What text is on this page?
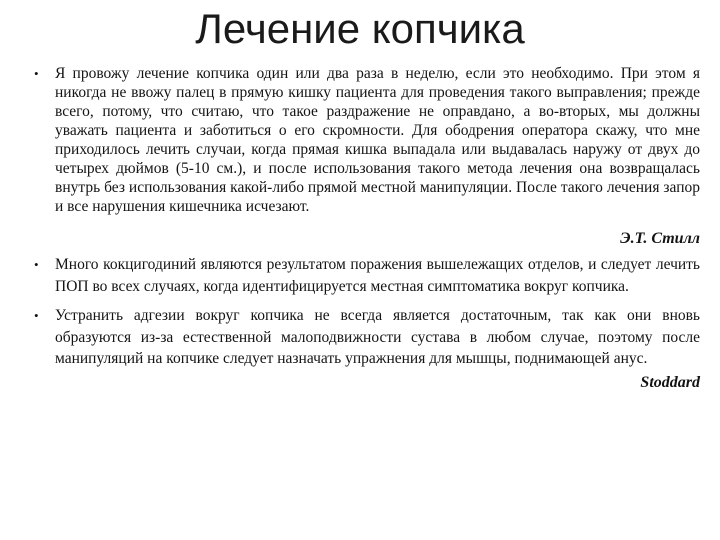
Лечение копчика
• Я провожу лечение копчика один или два раза в неделю, если это необходимо. При этом я никогда не ввожу палец в прямую кишку пациента для проведения такого выправления; прежде всего, потому, что считаю, что такое раздражение не оправдано, а во-вторых, мы должны уважать пациента и заботиться о его скромности. Для ободрения оператора скажу, что мне приходилось лечить случаи, когда прямая кишка выпадала или выдавалась наружу от двух до четырех дюймов (5-10 см.), и после использования такого метода лечения она возвращалась внутрь без использования какой-либо прямой местной манипуляции. После такого лечения запор и все нарушения кишечника исчезают.
Э.Т. Стилл
• Много кокцигодиний являются результатом поражения вышележащих отделов, и следует лечить ПОП во всех случаях, когда идентифицируется местная симптоматика вокруг копчика.
• Устранить адгезии вокруг копчика не всегда является достаточным, так как они вновь образуются из-за естественной малоподвижности сустава в любом случае, поэтому после манипуляций на копчике следует назначать упражнения для мышцы, поднимающей анус.
Stoddard
